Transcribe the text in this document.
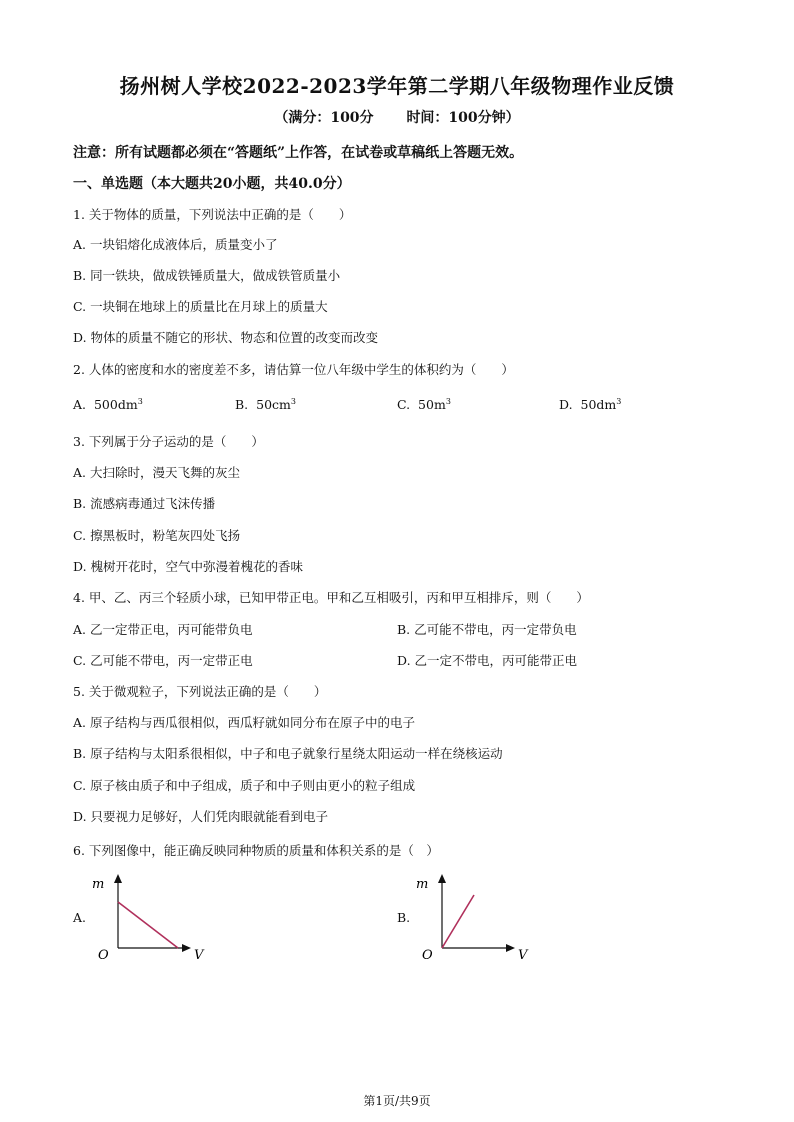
扬州树人学校2022-2023学年第二学期八年级物理作业反馈
（满分：100分 时间：100分钟）
注意：所有试题都必须在“答题纸”上作答，在试卷或草稿纸上答题无效。
一、单选题（本大题共20小题，共40.0分）
1. 关于物体的质量，下列说法中正确的是（　　）
A. 一块铝熔化成液体后，质量变小了
B. 同一铁块，做成铁锤质量大，做成铁管质量小
C. 一块铜在地球上的质量比在月球上的质量大
D. 物体的质量不随它的形状、物态和位置的改变而改变
2. 人体的密度和水的密度差不多，请估算一位八年级中学生的体积约为（　　）
A. $500dm^3$	B. $50cm^3$	C. $50m^3$	D. $50dm^3$
3. 下列属于分子运动的是（　　）
A. 大扫除时，漫天飞舞的灰尘
B. 流感病毒通过飞沫传播
C. 擦黑板时，粉笔灰四处飞扬
D. 槐树开花时，空气中弥漫着槐花的香味
4. 甲、乙、丙三个轻质小球，已知甲带正电。甲和乙互相吸引，丙和甲互相排斥，则（　　）
A. 乙一定带正电，丙可能带负电	B. 乙可能不带电，丙一定带负电
C. 乙可能不带电，丙一定带正电	D. 乙一定不带电，丙可能带正电
5. 关于微观粒子，下列说法正确的是（　　）
A. 原子结构与西瓜很相似，西瓜籽就如同分布在原子中的电子
B. 原子结构与太阳系很相似，中子和电子就象行星绕太阳运动一样在绕核运动
C. 原子核由质子和中子组成，质子和中子则由更小的粒子组成
D. 只要视力足够好，人们凭肉眼就能看到电子
6. 下列图像中，能正确反映同种物质的质量和体积关系的是（　）
A.
m
O	V
B.
m
O	V
第1页/共9页
